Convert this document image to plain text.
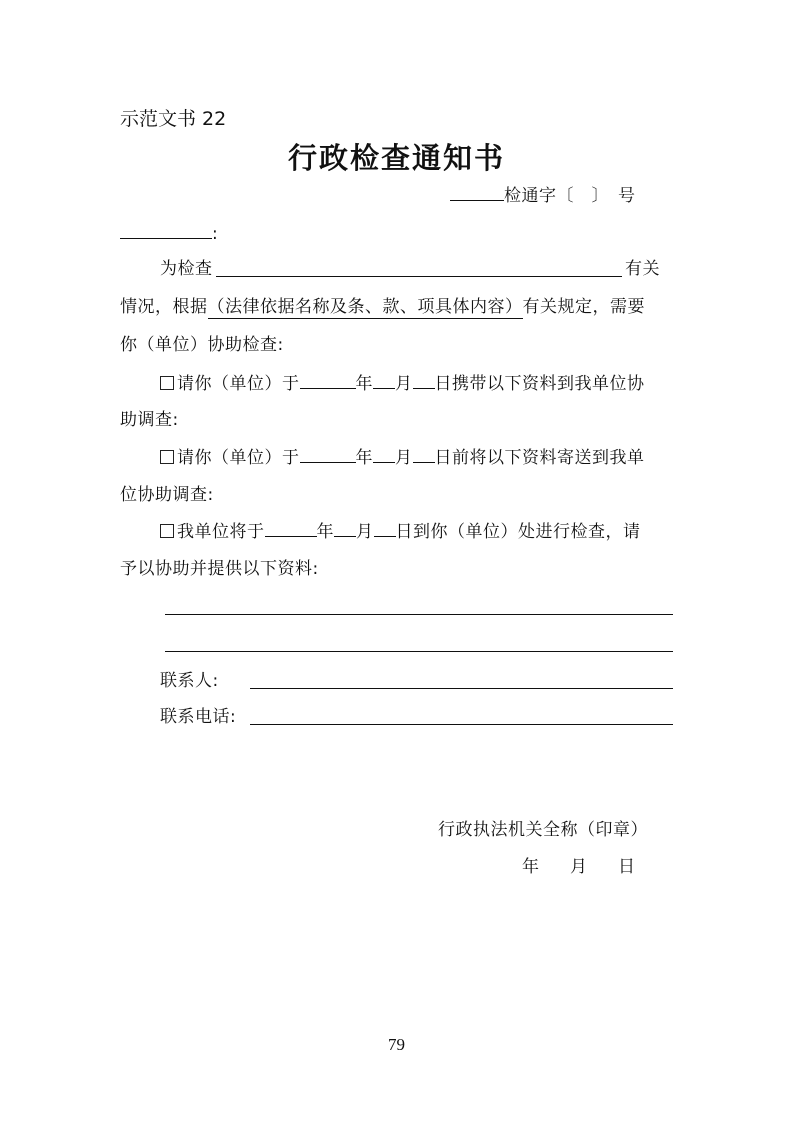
示范文书 22
行政检查通知书
检通字〔　〕　号
:
为检查	有关
情况，根据（法律依据名称及条、款、项具体内容）有关规定，需要
你（单位）协助检查:
请你（单位）于	年 月 日携带以下资料到我单位协
助调查:
请你（单位）于	年 月 日前将以下资料寄送到我单
位协助调查:
我单位将于	年 月 日到你（单位）处进行检查，请
予以协助并提供以下资料:
联系人:
联系电话:
行政执法机关全称（印章）
年 月 日
79
